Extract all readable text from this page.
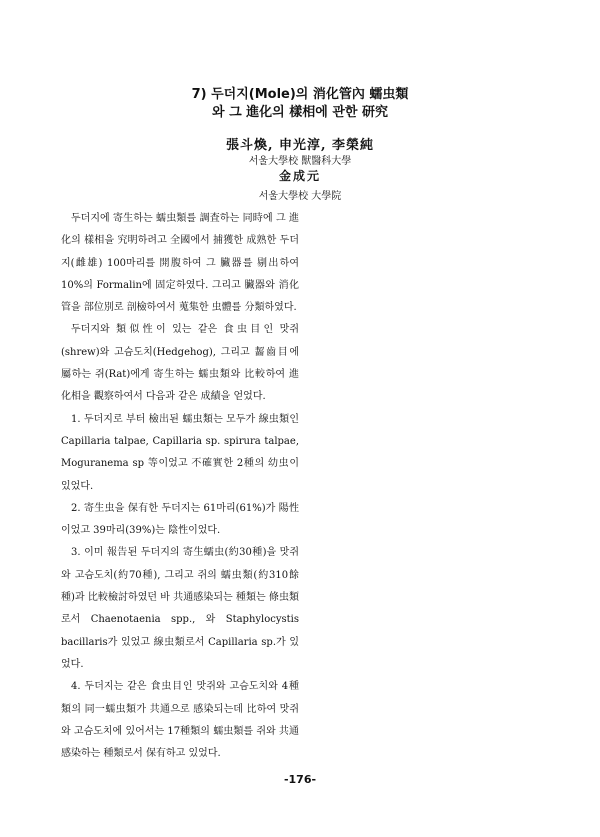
7) 두더지(Mole)의 消化管內 蠕虫類
와 그 進化의 樣相에 관한 研究
張斗煥, 申光淳, 李榮純
서울大學校 獸醫科大學
金成元
서울大學校 大學院

두더지에 寄生하는 蠕虫類를 調査하는 同時에 그 進化의 樣相을 究明하려고 全國에서 捕獲한 成熟한 두더지(雌雄) 100마리를 開腹하여 그 臟器를 剔出하여 10%의 Formalin에 固定하였다. 그리고 臟器와 消化管을 部位別로 剖檢하여서 蒐集한 虫體를 分類하였다.

두더지와 類似性이 있는 같은 食虫目인 맛쥐(shrew)와 고슴도치(Hedgehog), 그리고 齧齒目에 屬하는 쥐(Rat)에게 寄生하는 蠕虫類와 比較하여 進化相을 觀察하여서 다음과 같은 成績을 얻었다.

1. 두더지로 부터 檢出된 蠕虫類는 모두가 線虫類인 Capillaria talpae, Capillaria sp. spirura talpae, Moguranema sp 等이었고 不確實한 2種의 幼虫이 있었다.

2. 寄生虫을 保有한 두더지는 61마리(61%)가 陽性이었고 39마리(39%)는 陰性이었다.

3. 이미 報告된 두더지의 寄生蠕虫(約30種)을 맛쥐와 고슴도치(約70種), 그리고 쥐의 蠕虫類(約310餘種)과 比較檢討하였던 바 共通感染되는 種類는 條虫類로서 Chaenotaenia spp., 와 Staphylocystis bacillaris가 있었고 線虫類로서 Capillaria sp.가 있었다.

4. 두더지는 같은 食虫目인 맛쥐와 고슴도치와 4種類의 同一蠕虫類가 共通으로 感染되는데 比하여 맛쥐와 고슴도치에 있어서는 17種類의 蠕虫類를 쥐와 共通感染하는 種類로서 保有하고 있었다.

-176-
